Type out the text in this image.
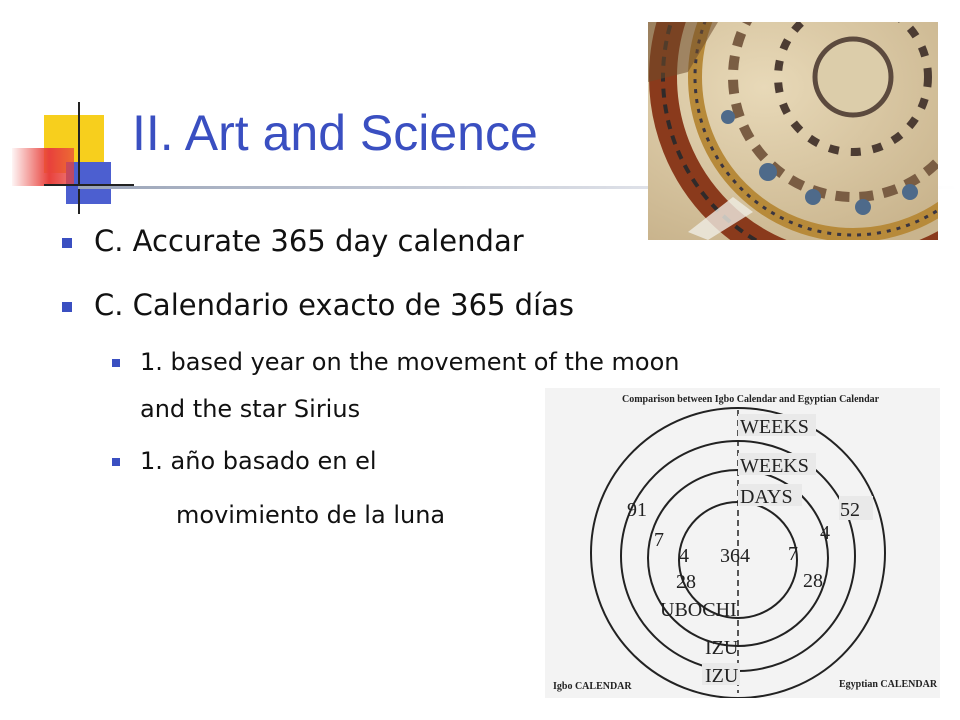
II. Art and Science
C. Accurate 365 day calendar
C. Calendario exacto de 365 días
1. based year on the movement of the moon
and the star Sirius
1. año basado en el
movimiento de la luna
Comparison between Igbo Calendar and Egyptian Calendar
WEEKS
WEEKS
DAYS
91	52
7	4
4 364 7
28	28
UBOCHI
IZU
IZU
Igbo CALENDAR	Egyptian CALENDAR
